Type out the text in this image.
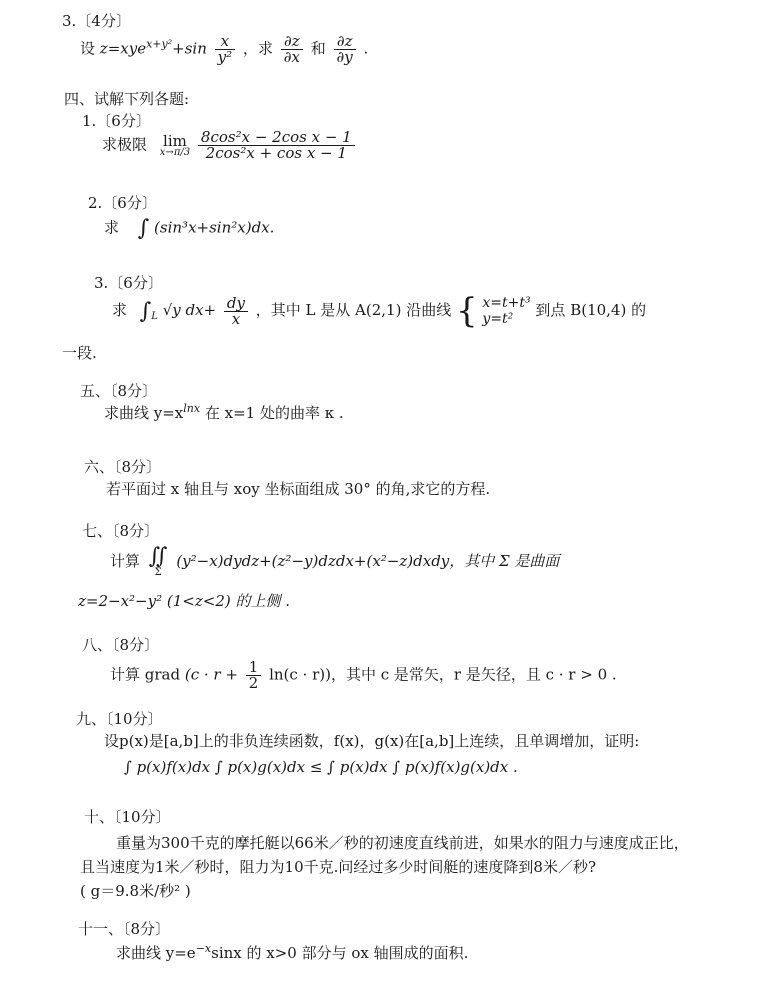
3.〔4分〕
设 $z=xye^{x+y^2}+\sin \frac{x}{\text{y²}}$ ，求 $\frac{\partial z}{\partial x}$ 和 $\frac{\partial z}{\partial y}$ .
四、试解下列各题:
1.〔6分〕
求极限 lim
x→π/3
$\frac{\text{8cos²x − 2cos x − 1}}{\text{2cos²x + cos x − 1}}$
2.〔6分〕
求 ∫ (sin³x+sin²x)dx.
3.〔6分〕
求 $\int_L$ √y $dx+ \frac{dy}{x}$ ，其中 L 是从 A(2,1) 沿曲线 { x=t+t³
y=t²	到点 B(10,4) 的
一段.
五、〔8分〕
求曲线 $y=x^{lnx}$ 在 x=1 处的曲率 κ .
六、〔8分〕
若平面过 x 轴且与 xoy 坐标面组成 30° 的角,求它的方程.
七、〔8分〕
计算 ∬
Σ
(y²−x)dydz+(z²−y)dzdx+(x²−z)dxdy，其中 Σ 是曲面
z=2−x²−y² (1<z<2) 的上侧 .
八、〔8分〕
计算 grad $(c \cdot r + \frac{1}{2} \ln(c \cdot r))$，其中 c 是常矢，r 是矢径，且 c · r > 0 .
九、〔10分〕
设p(x)是[a,b]上的非负连续函数，f(x)，g(x)在[a,b]上连续，且单调增加，证明:
∫ p(x)f(x)dx ∫ p(x)g(x)dx ≤ ∫ p(x)dx ∫ p(x)f(x)g(x)dx .
十、〔10分〕
重量为300千克的摩托艇以66米／秒的初速度直线前进，如果水的阻力与速度成正比，
且当速度为1米／秒时，阻力为10千克.问经过多少时间艇的速度降到8米／秒?
( g＝9.8米/秒² )
十一、〔8分〕
求曲线 $y=e^{-x}\sin x$ 的 x>0 部分与 ox 轴围成的面积.
